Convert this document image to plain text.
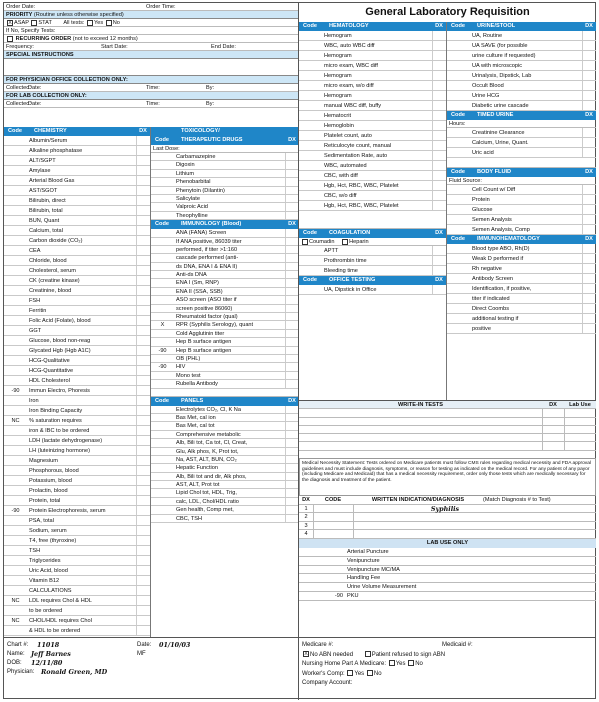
Order Date:	Order Time:
PRIORITY (Routine unless otherwise specified)
X ASAP STAT All tests: Yes No
If No, Specify Tests:
RECURRING ORDER (not to exceed 12 months)
Frequency:	Start Date:	End Date:
SPECIAL INSTRUCTIONS
FOR PHYSICIAN OFFICE COLLECTION ONLY:
Collected:
Date:	Time:	By:
FOR LAB COLLECTION ONLY:
Collected:
Date:	Time:	By:
Code	CHEMISTRY	DX
Albumin/Serum
Alkaline phosphatase
ALT/SGPT
Amylase
Arterial Blood Gas
AST/SGOT
Bilirubin, direct
Bilirubin, total
BUN, Quant
Calcium, total
Carbon dioxide (CO₂)
CEA
Chloride, blood
Cholesterol, serum
CK (creatine kinase)
Creatinine, blood
FSH
Ferritin
Folic Acid (Folate), blood
GGT
Glucose, blood non-reag
Glycated Hgb (Hgb A1C)
HCG-Qualitative
HCG-Quantitative
HDL Cholesterol
-90	Immun Electro, Phoresis
Iron
Iron Binding Capacity
NC	% saturation requires
iron & IBC to be ordered
LDH (lactate dehydrogenase)
LH (luteinizing hormone)
Magnesium
Phosphorous, blood
Potassium, blood
Prolactin, blood
Protein, total
-90	Protein Electrophoresis, serum
PSA, total
Sodium, serum
T4, free (thyroxine)
TSH
Triglycerides
Uric Acid, blood
Vitamin B12
CALCULATIONS
NC	LDL requires Chol & HDL
to be ordered
NC	CHOL/HDL requires Chol
& HDL to be ordered
TOXICOLOGY/
Code	THERAPEUTIC DRUGS	DX
Last Dose:
Carbamazepine
Digoxin
Lithium
Phenobarbital
Phenytoin (Dilantin)
Salicylate
Valproic Acid
Theophylline
Code	IMMUNOLOGY (Blood)	DX
ANA (FANA) Screen
If ANA positive, 86039 titer
performed, if titer >1:160
cascade performed (anti-
ds DNA, ENA I & ENA II)
Anti-ds DNA
ENA I (Sm, RNP)
ENA II (SSA, SSB)
ASO screen (ASO titer if
screen positive 86060)
Rheumatoid factor (qual)
X	RPR (Syphilis Serology), quant
Cold Agglutinin titer
Hep B surface antigen
-90	Hep B surface antigen
OB (PHL)
-90	HIV
Mono test
Rubella Antibody
Code	PANELS	DX
Electrolytes CO₂, Cl, K Na
Bas Met, cal ion
Bas Met, cal tot
Comprehensive metabolic
Alb, Bili tot, Ca tot, Cl, Creat,
Glu, Alk phos, K, Prot tot,
Na, AST, ALT, BUN, CO₂
Hepatic Function
Alb, Bili tot and dir, Alk phos,
AST, ALT, Prot tot
Lipid Chol tot, HDL, Trig,
calc, LDL, Chol/HDL ratio
Gen health, Comp met,
CBC, TSH
Chart #:	11018	Date:	01/10/03
Name: Jeff Barnes	MF
DOB:	12/11/80
Physician:	Ronald Green, MD
General Laboratory Requisition
Code	HEMATOLOGY	DX
Hemogram
WBC, auto WBC diff
Hemogram
micro exam, WBC diff
Hemogram
micro exam, w/o diff
Hemogram
manual WBC diff, buffy
Hematocrit
Hemoglobin
Platelet count, auto
Reticulocyte count, manual
Sedimentation Rate, auto
WBC, automated
CBC, with diff
Hgb, Hct, RBC, WBC, Platelet
CBC, w/o diff
Hgb, Hct, RBC, WBC, Platelet
Code	COAGULATION	DX
Coumadin	Heparin
APTT
Prothrombin time
Bleeding time
Code	OFFICE TESTING	DX
UA, Dipstick in Office
Code	URINE/STOOL	DX
UA, Routine
UA SAVE (for possible
urine culture if requested)
UA with microscopic
Urinalysis, Dipstick, Lab
Occult Blood
Urine HCG
Diabetic urine cascade
Code	TIMED URINE	DX
Hours:
Creatinine Clearance
Calcium, Urine, Quant.
Uric acid
Code	BODY FLUID	DX
Fluid Source:
Cell Count w/ Diff
Protein
Glucose
Semen Analysis
Semen Analysis, Comp
Code	IMMUNOHEMATOLOGY	DX
Blood type ABO, Rh(D)
Weak D performed if
Rh negative
Antibody Screen
Identification, if positive,
titer if indicated
Direct Coombs
additional testing if
positive
WRITE-IN TESTS	DX	Lab Use
Medical Necessity Statement: Tests ordered on Medicare patients must follow CMS rules regarding medical necessity and FDA approval guidelines and must include diagnosis, symptoms, or reason for testing as indicated on the medical record. For any patient of any payor (including Medicare and Medicaid) that has a medical necessity requirement, order only those tests which are medically necessary for the diagnosis and treatment of the patient.
DX	CODE	WRITTEN INDICATION/DIAGNOSIS	(Match Diagnosis # to Test)
1	Syphilis
2
3
4
LAB USE ONLY
Arterial Puncture
Venipuncture
Venipuncture MC/MA
Handling Fee
Urine Volume Measurement
-90 PKU
Medicare #:	Medicaid #:
X No ABN needed	Patient refused to sign ABN
Nursing Home Part A Medicare: Yes No
Worker's Comp: Yes No
Company Account:
